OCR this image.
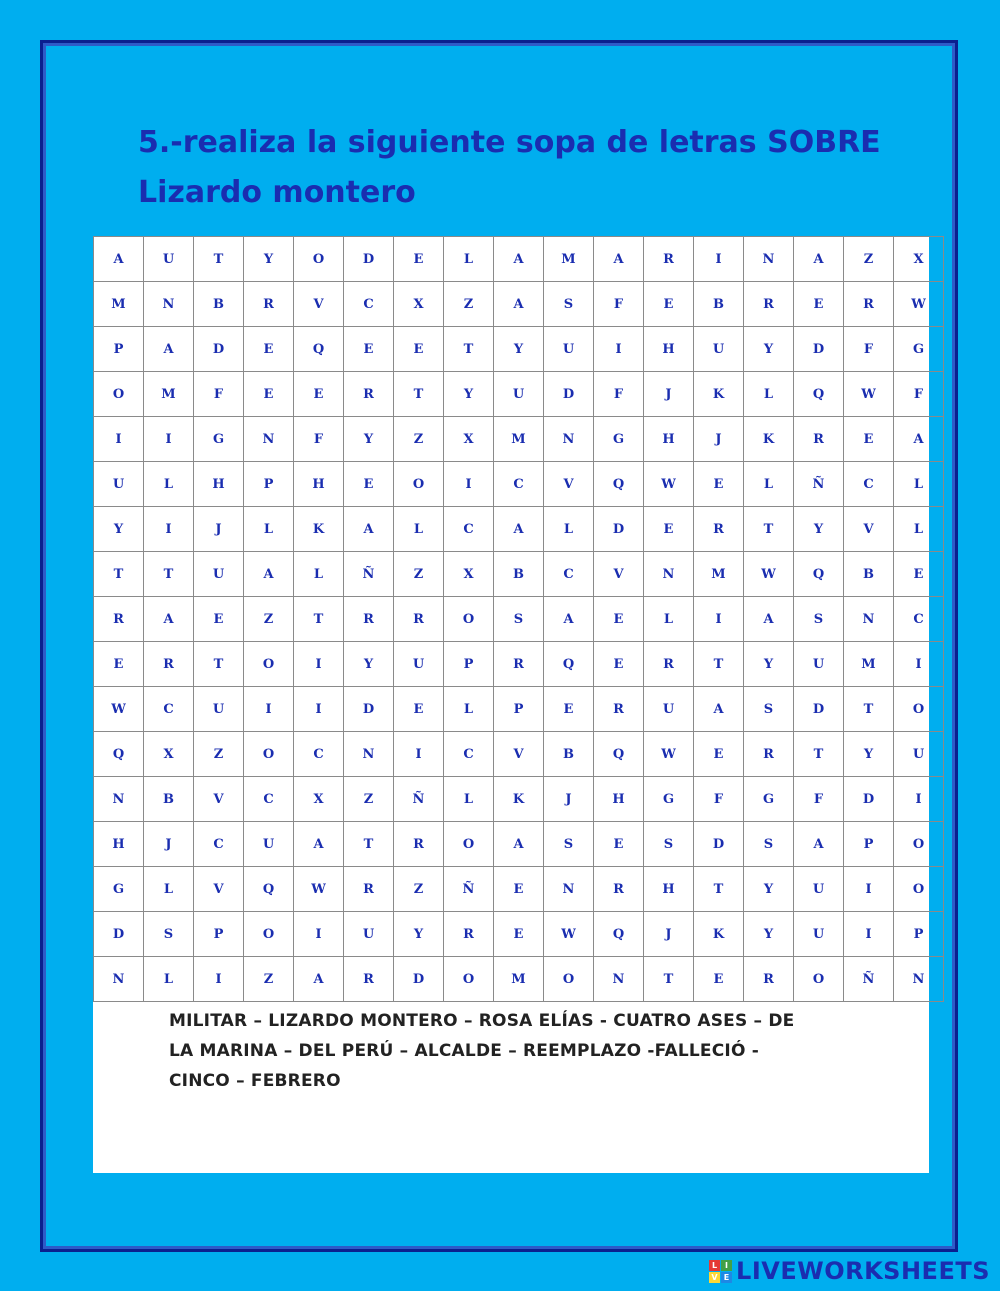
5.-realiza la siguiente sopa de letras SOBRE Lizardo montero
A	U	T	Y	O	D	E	L	A	M	A	R	I	N	A	Z	X
M	N	B	R	V	C	X	Z	A	S	F	E	B	R	E	R	W
P	A	D	E	Q	E	E	T	Y	U	I	H	U	Y	D	F	G
O	M	F	E	E	R	T	Y	U	D	F	J	K	L	Q	W	F
I	I	G	N	F	Y	Z	X	M	N	G	H	J	K	R	E	A
U	L	H	P	H	E	O	I	C	V	Q	W	E	L	Ñ	C	L
Y	I	J	L	K	A	L	C	A	L	D	E	R	T	Y	V	L
T	T	U	A	L	Ñ	Z	X	B	C	V	N	M	W	Q	B	E
R	A	E	Z	T	R	R	O	S	A	E	L	I	A	S	N	C
E	R	T	O	I	Y	U	P	R	Q	E	R	T	Y	U	M	I
W	C	U	I	I	D	E	L	P	E	R	U	A	S	D	T	O
Q	X	Z	O	C	N	I	C	V	B	Q	W	E	R	T	Y	U
N	B	V	C	X	Z	Ñ	L	K	J	H	G	F	G	F	D	I
H	J	C	U	A	T	R	O	A	S	E	S	D	S	A	P	O
G	L	V	Q	W	R	Z	Ñ	E	N	R	H	T	Y	U	I	O
D	S	P	O	I	U	Y	R	E	W	Q	J	K	Y	U	I	P
N	L	I	Z	A	R	D	O	M	O	N	T	E	R	O	Ñ	N
MILITAR – LIZARDO MONTERO – ROSA ELÍAS - CUATRO ASES – DE
LA MARINA – DEL PERÚ – ALCALDE – REEMPLAZO -FALLECIÓ -
CINCO – FEBRERO
L I
V E LIVEWORKSHEETS
